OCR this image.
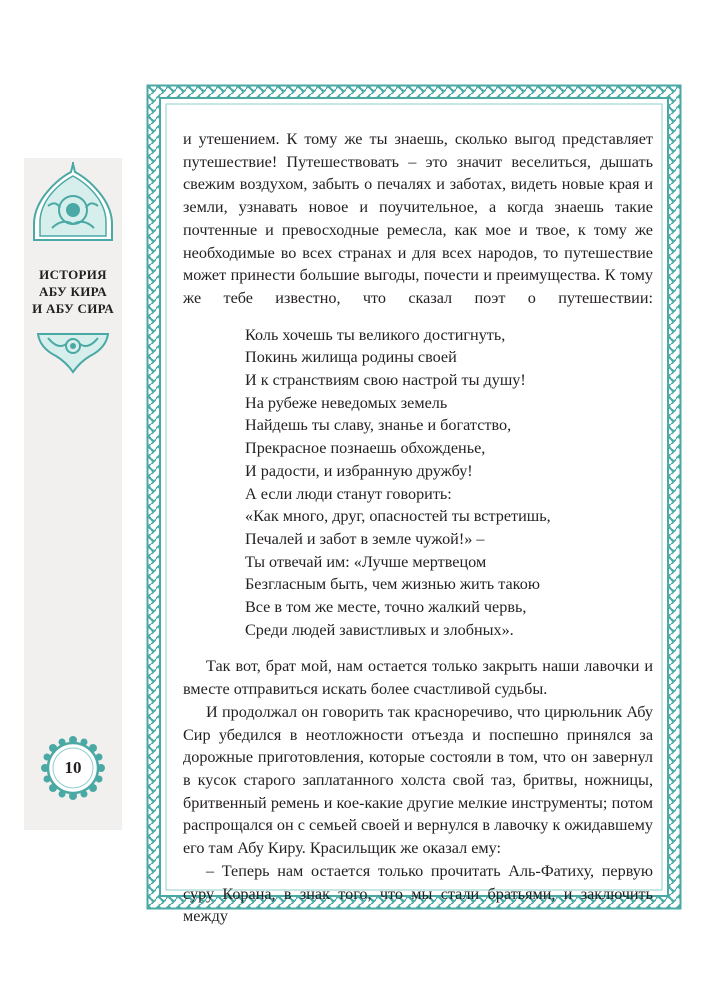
ИСТОРИЯ
АБУ КИРА
И АБУ СИРА
10

и утешением. К тому же ты знаешь, сколько выгод представляет путешествие! Путешествовать – это значит веселиться, дышать свежим воздухом, забыть о печалях и заботах, видеть новые края и земли, узнавать новое и поучительное, а когда знаешь такие почтенные и превосходные ремесла, как мое и твое, к тому же необходимые во всех странах и для всех народов, то путешествие может принести большие выгоды, почести и преимущества. К тому же тебе известно, что сказал поэт о путешествии:

Коль хочешь ты великого достигнуть,
Покинь жилища родины своей
И к странствиям свою настрой ты душу!
На рубеже неведомых земель
Найдешь ты славу, знанье и богатство,
Прекрасное познаешь обхожденье,
И радости, и избранную дружбу!
А если люди станут говорить:
«Как много, друг, опасностей ты встретишь,
Печалей и забот в земле чужой!» –
Ты отвечай им: «Лучше мертвецом
Безгласным быть, чем жизнью жить такою
Все в том же месте, точно жалкий червь,
Среди людей завистливых и злобных».

Так вот, брат мой, нам остается только закрыть наши лавочки и вместе отправиться искать более счастливой судьбы.

И продолжал он говорить так красноречиво, что цирюльник Абу Сир убедился в неотложности отъезда и поспешно принялся за дорожные приготовления, которые состояли в том, что он завернул в кусок старого заплатанного холста свой таз, бритвы, ножницы, бритвенный ремень и кое-какие другие мелкие инструменты; потом распрощался он с семьей своей и вернулся в лавочку к ожидавшему его там Абу Киру. Красильщик же оказал ему:

– Теперь нам остается только прочитать Аль-Фатиху, первую суру Корана, в знак того, что мы стали братьями, и заключить между
